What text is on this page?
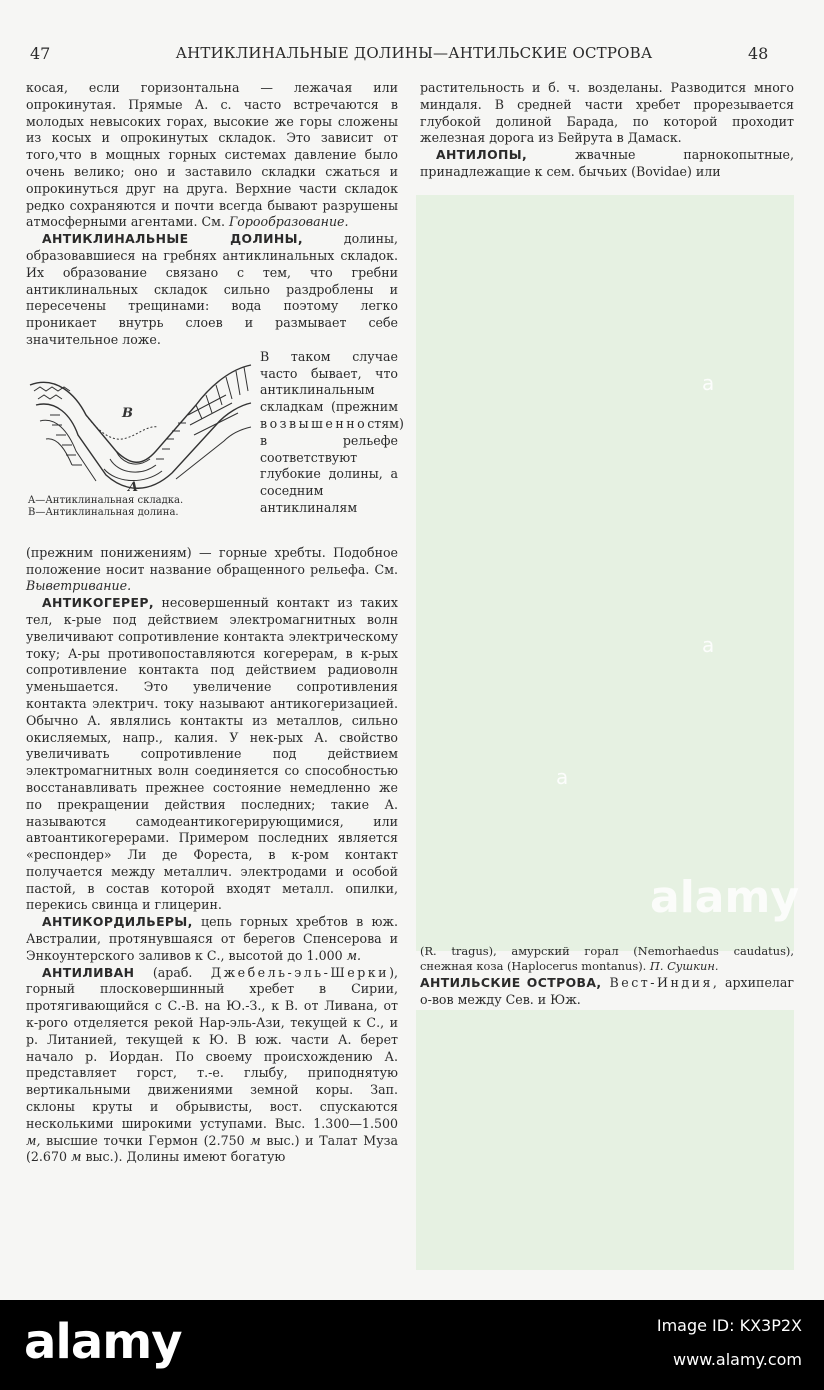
47	АНТИКЛИНАЛЬНЫЕ ДОЛИНЫ—АНТИЛЬСКИЕ ОСТРОВА	48

косая, если горизонтальна — лежачая или опрокинутая. Прямые А. с. часто встречаются в молодых невысоких горах, высокие же горы сложены из косых и опрокинутых складок. Это зависит от того,что в мощных горных системах давление было очень велико; оно и заставило складки сжаться и опрокинуться друг на друга. Верхние части складок редко сохраняются и почти всегда бывают разрушены атмосферными агентами. См. Горообразование.

АНТИКЛИНАЛЬНЫЕ ДОЛИНЫ, долины, образовавшиеся на гребнях антиклинальных складок. Их образование связано с тем, что гребни антиклинальных складок сильно раздроблены и пересечены трещинами: вода поэтому легко проникает внутрь слоев и размывает себе значительное ложе.

B
A
A—Антиклинальная складка.
B—Антиклинальная долина.
В таком случае часто бывает, что антиклинальным складкам (прежним возвышенностям) в рельефе соответствуют глубокие долины, а соседним антиклиналям

(прежним понижениям) — горные хребты. Подобное положение носит название обращенного рельефа. См. Выветривание.

АНТИКОГЕРЕР, несовершенный контакт из таких тел, к-рые под действием электромагнитных волн увеличивают сопротивление контакта электрическому току; А-ры противопоставляются когерерам, в к-рых сопротивление контакта под действием радиоволн уменьшается. Это увеличение сопротивления контакта электрич. току называют антикогеризацией. Обычно А. являлись контакты из металлов, сильно окисляемых, напр., калия. У нек-рых А. свойство увеличивать сопротивление под действием электромагнитных волн соединяется со способностью восстанавливать прежнее состояние немедленно же по прекращении действия последних; такие А. называются самодеантикогерирующимися, или автоантикогерерами. Примером последних является «респондер» Ли де Фореста, в к-ром контакт получается между металлич. электродами и особой пастой, в состав которой входят металл. опилки, перекись свинца и глицерин.

АНТИКОРДИЛЬЕРЫ, цепь горных хребтов в юж. Австралии, протянувшаяся от берегов Спенсерова и Энкоунтерского заливов к С., высотой до 1.000 м.

АНТИЛИВАН (араб. Джебель-эль-Шерки), горный плосковершинный хребет в Сирии, протягивающийся с С.-В. на Ю.-З., к В. от Ливана, от к-рого отделяется рекой Нар-эль-Ази, текущей к С., и р. Литанией, текущей к Ю. В юж. части А. берет начало р. Иордан. По своему происхождению А. представляет горст, т.-е. глыбу, приподнятую вертикальными движениями земной коры. Зап. склоны круты и обрывисты, вост. спускаются несколькими широкими уступами. Выс. 1.300—1.500 м, высшие точки Гермон (2.750 м выс.) и Талат Муза (2.670 м выс.). Долины имеют богатую

растительность и б. ч. возделаны. Разводится много миндаля. В средней части хребет прорезывается глубокой долиной Барада, по которой проходит железная дорога из Бейрута в Дамаск.

АНТИЛОПЫ, жвачные парнокопытные, принадлежащие к сем. бычьих (Bovidae) или

a
a
a
alamy
(R. tragus), амурский горал (Nemorhaedus caudatus), снежная коза (Haplocerus montanus). П. Сушкин.
АНТИЛЬСКИЕ ОСТРОВА, Вест-Индия, архипелаг о-вов между Сев. и Юж.
alamy	Image ID: KX3P2X
www.alamy.com
